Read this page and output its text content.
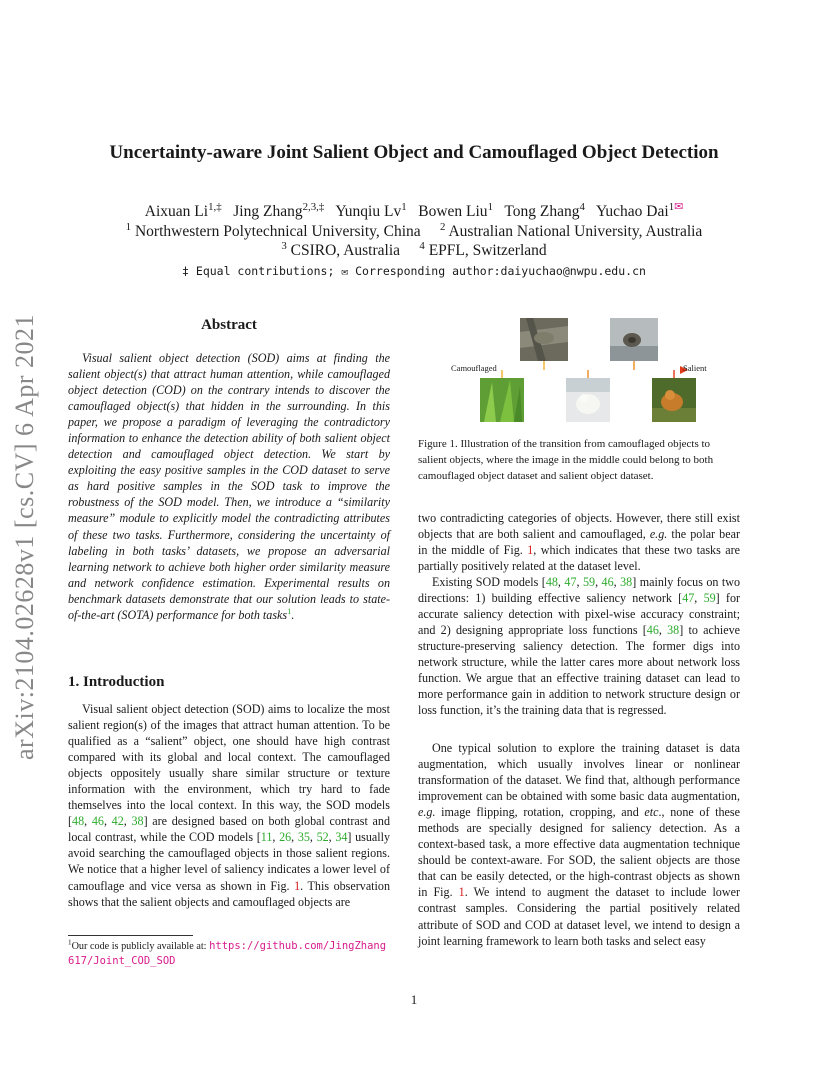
arXiv:2104.02628v1 [cs.CV] 6 Apr 2021
Uncertainty-aware Joint Salient Object and Camouflaged Object Detection
Aixuan $Li^{1,\ddagger}$ Jing Zhang$^{2,3,\ddagger}$ Yunqiu Lv$^1$ Bowen Liu$^1$ Tong Zhang$^4$ Yuchao Dai$^{1✉}$
$^1$ Northwestern Polytechnical University, China $^2$ Australian National University, Australia
$^3$ CSIRO, Australia $^4$ EPFL, Switzerland
‡ Equal contributions; ✉ Corresponding author:daiyuchao@nwpu.edu.cn
Abstract
Visual salient object detection (SOD) aims at finding the salient object(s) that attract human attention, while camouflaged object detection (COD) on the contrary intends to discover the camouflaged object(s) that hidden in the surrounding. In this paper, we propose a paradigm of leveraging the contradictory information to enhance the detection ability of both salient object detection and camouflaged object detection. We start by exploiting the easy positive samples in the COD dataset to serve as hard positive samples in the SOD task to improve the robustness of the SOD model. Then, we introduce a “similarity measure” module to explicitly model the contradicting attributes of these two tasks. Furthermore, considering the uncertainty of labeling in both tasks’ datasets, we propose an adversarial learning network to achieve both higher order similarity measure and network confidence estimation. Experimental results on benchmark datasets demonstrate that our solution leads to state-of-the-art (SOTA) performance for both tasks$^1$.
1. Introduction
Visual salient object detection (SOD) aims to localize the most salient region(s) of the images that attract human attention. To be qualified as a “salient” object, one should have high contrast compared with its global and local context. The camouflaged objects oppositely usually share similar structure or texture information with the environment, which try hard to fade themselves into the local context. In this way, the SOD models [48, 46, 42, 38] are designed based on both global contrast and local contrast, while the COD models [11, 26, 35, 52, 34] usually avoid searching the camouflaged objects in those salient regions. We notice that a higher level of saliency indicates a lower level of camouflage and vice versa as shown in Fig. 1. This observation shows that the salient objects and camouflaged objects are
$^1$Our code is publicly available at: https://github.com/JingZhang617/Joint_COD_SOD
Camouflaged	Salient
Figure 1. Illustration of the transition from camouflaged objects to salient objects, where the image in the middle could belong to both camouflaged object dataset and salient object dataset.
two contradicting categories of objects. However, there still exist objects that are both salient and camouflaged, e.g. the polar bear in the middle of Fig. 1, which indicates that these two tasks are partially positively related at the dataset level.
Existing SOD models [48, 47, 59, 46, 38] mainly focus on two directions: 1) building effective saliency network [47, 59] for accurate saliency detection with pixel-wise accuracy constraint; and 2) designing appropriate loss functions [46, 38] to achieve structure-preserving saliency detection. The former digs into network structure, while the latter cares more about network loss function. We argue that an effective training dataset can lead to more performance gain in addition to network structure design or loss function, it’s the training data that is regressed.
One typical solution to explore the training dataset is data augmentation, which usually involves linear or nonlinear transformation of the dataset. We find that, although performance improvement can be obtained with some basic data augmentation, e.g. image flipping, rotation, cropping, and etc., none of these methods are specially designed for saliency detection. As a context-based task, a more effective data augmentation technique should be context-aware. For SOD, the salient objects are those that can be easily detected, or the high-contrast objects as shown in Fig. 1. We intend to augment the dataset to include lower contrast samples. Considering the partial positively related attribute of SOD and COD at dataset level, we intend to design a joint learning framework to learn both tasks and select easy
1
